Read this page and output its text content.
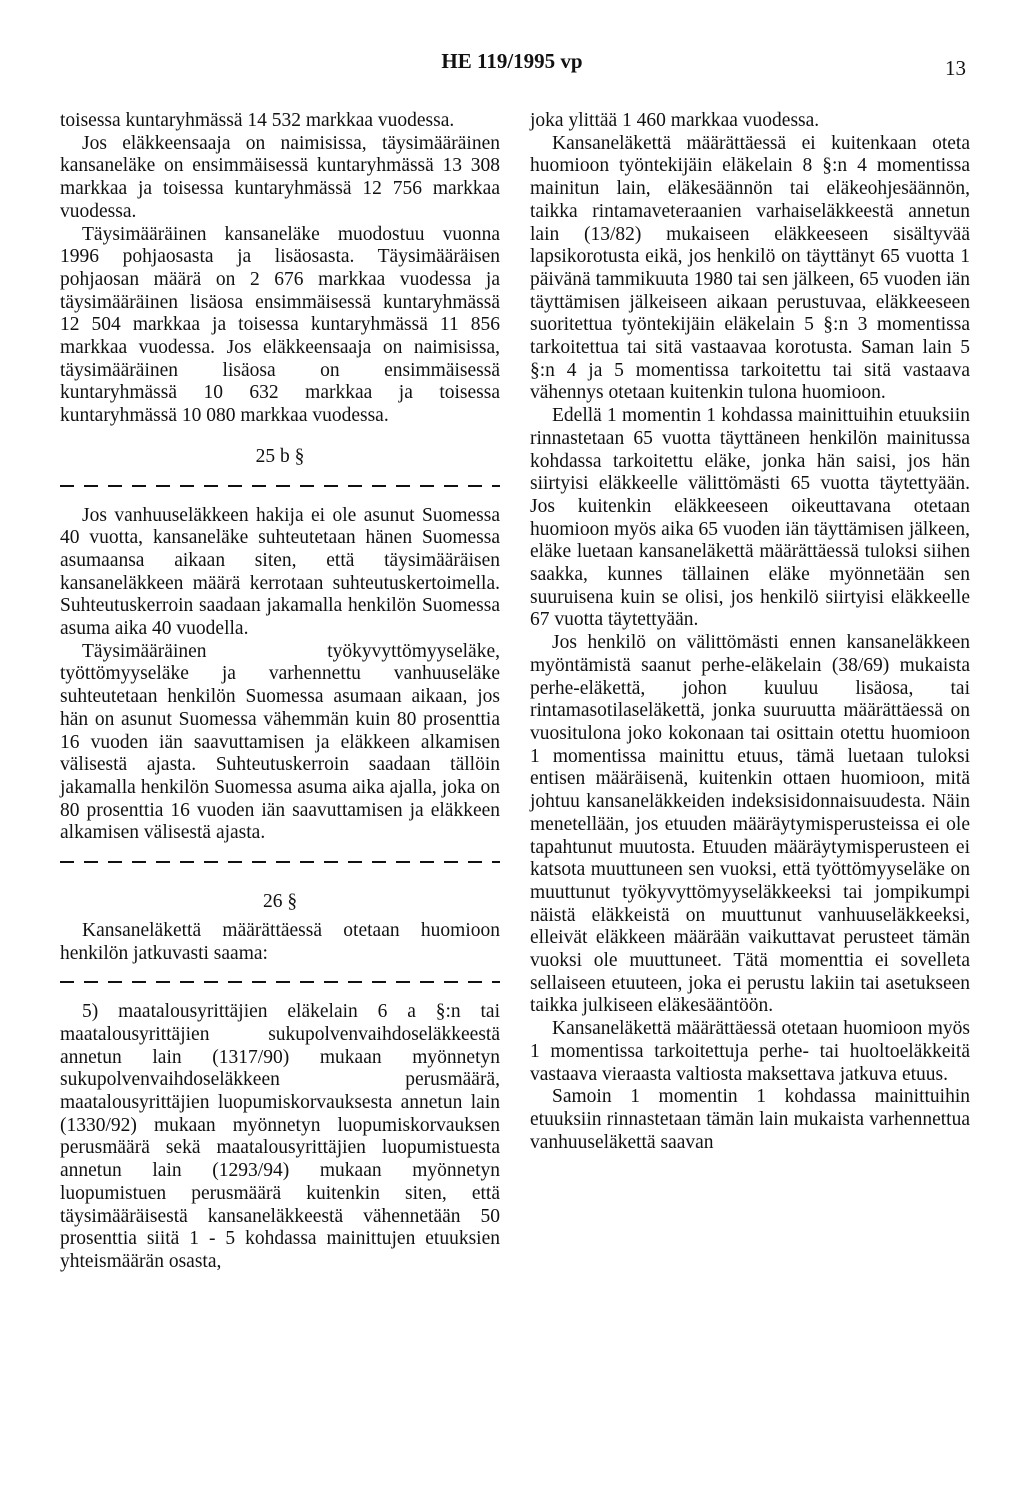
HE 119/1995 vp	13

toisessa kuntaryhmässä 14 532 markkaa vuodessa.

Jos eläkkeensaaja on naimisissa, täysimääräinen kansaneläke on ensimmäisessä kuntaryhmässä 13 308 markkaa ja toisessa kuntaryhmässä 12 756 markkaa vuodessa.

Täysimääräinen kansaneläke muodostuu vuonna 1996 pohjaosasta ja lisäosasta. Täysimääräisen pohjaosan määrä on 2 676 markkaa vuodessa ja täysimääräinen lisäosa ensimmäisessä kuntaryhmässä 12 504 markkaa ja toisessa kuntaryhmässä 11 856 markkaa vuodessa. Jos eläkkeensaaja on naimisissa, täysimääräinen lisäosa on ensimmäisessä kuntaryhmässä 10 632 markkaa ja toisessa kuntaryhmässä 10 080 markkaa vuodessa.

25 b §

Jos vanhuuseläkkeen hakija ei ole asunut Suomessa 40 vuotta, kansaneläke suhteutetaan hänen Suomessa asumaansa aikaan siten, että täysimääräisen kansaneläkkeen määrä kerrotaan suhteutuskertoimella. Suhteutuskerroin saadaan jakamalla henkilön Suomessa asuma aika 40 vuodella.

Täysimääräinen työkyvyttömyyseläke, työttömyyseläke ja varhennettu vanhuuseläke suhteutetaan henkilön Suomessa asumaan aikaan, jos hän on asunut Suomessa vähemmän kuin 80 prosenttia 16 vuoden iän saavuttamisen ja eläkkeen alkamisen välisestä ajasta. Suhteutuskerroin saadaan tällöin jakamalla henkilön Suomessa asuma aika ajalla, joka on 80 prosenttia 16 vuoden iän saavuttamisen ja eläkkeen alkamisen välisestä ajasta.

26 §

Kansaneläkettä määrättäessä otetaan huomioon henkilön jatkuvasti saama:

5) maatalousyrittäjien eläkelain 6 a §:n tai maatalousyrittäjien sukupolvenvaihdoseläkkeestä annetun lain (1317/90) mukaan myönnetyn sukupolvenvaihdoseläkkeen perusmäärä, maatalousyrittäjien luopumiskorvauksesta annetun lain (1330/92) mukaan myönnetyn luopumiskorvauksen perusmäärä sekä maatalousyrittäjien luopumistuesta annetun lain (1293/94) mukaan myönnetyn luopumistuen perusmäärä kuitenkin siten, että täysimääräisestä kansaneläkkeestä vähennetään 50 prosenttia siitä 1 - 5 kohdassa mainittujen etuuksien yhteismäärän osasta,

joka ylittää 1 460 markkaa vuodessa.

Kansaneläkettä määrättäessä ei kuitenkaan oteta huomioon työntekijäin eläkelain 8 §:n 4 momentissa mainitun lain, eläkesäännön tai eläkeohjesäännön, taikka rintamaveteraanien varhaiseläkkeestä annetun lain (13/82) mukaiseen eläkkeeseen sisältyvää lapsikorotusta eikä, jos henkilö on täyttänyt 65 vuotta 1 päivänä tammikuuta 1980 tai sen jälkeen, 65 vuoden iän täyttämisen jälkeiseen aikaan perustuvaa, eläkkeeseen suoritettua työntekijäin eläkelain 5 §:n 3 momentissa tarkoitettua tai sitä vastaavaa korotusta. Saman lain 5 §:n 4 ja 5 momentissa tarkoitettu tai sitä vastaava vähennys otetaan kuitenkin tulona huomioon.

Edellä 1 momentin 1 kohdassa mainittuihin etuuksiin rinnastetaan 65 vuotta täyttäneen henkilön mainitussa kohdassa tarkoitettu eläke, jonka hän saisi, jos hän siirtyisi eläkkeelle välittömästi 65 vuotta täytettyään. Jos kuitenkin eläkkeeseen oikeuttavana otetaan huomioon myös aika 65 vuoden iän täyttämisen jälkeen, eläke luetaan kansaneläkettä määrättäessä tuloksi siihen saakka, kunnes tällainen eläke myönnetään sen suuruisena kuin se olisi, jos henkilö siirtyisi eläkkeelle 67 vuotta täytettyään.

Jos henkilö on välittömästi ennen kansaneläkkeen myöntämistä saanut perhe-eläkelain (38/69) mukaista perhe-eläkettä, johon kuuluu lisäosa, tai rintamasotilaseläkettä, jonka suuruutta määrättäessä on vuositulona joko kokonaan tai osittain otettu huomioon 1 momentissa mainittu etuus, tämä luetaan tuloksi entisen määräisenä, kuitenkin ottaen huomioon, mitä johtuu kansaneläkkeiden indeksisidonnaisuudesta. Näin menetellään, jos etuuden määräytymisperusteissa ei ole tapahtunut muutosta. Etuuden määräytymisperusteen ei katsota muuttuneen sen vuoksi, että työttömyyseläke on muuttunut työkyvyttömyyseläkkeeksi tai jompikumpi näistä eläkkeistä on muuttunut vanhuuseläkkeeksi, elleivät eläkkeen määrään vaikuttavat perusteet tämän vuoksi ole muuttuneet. Tätä momenttia ei sovelleta sellaiseen etuuteen, joka ei perustu lakiin tai asetukseen taikka julkiseen eläkesääntöön.

Kansaneläkettä määrättäessä otetaan huomioon myös 1 momentissa tarkoitettuja perhe- tai huoltoeläkkeitä vastaava vieraasta valtiosta maksettava jatkuva etuus.

Samoin 1 momentin 1 kohdassa mainittuihin etuuksiin rinnastetaan tämän lain mukaista varhennettua vanhuuseläkettä saavan
